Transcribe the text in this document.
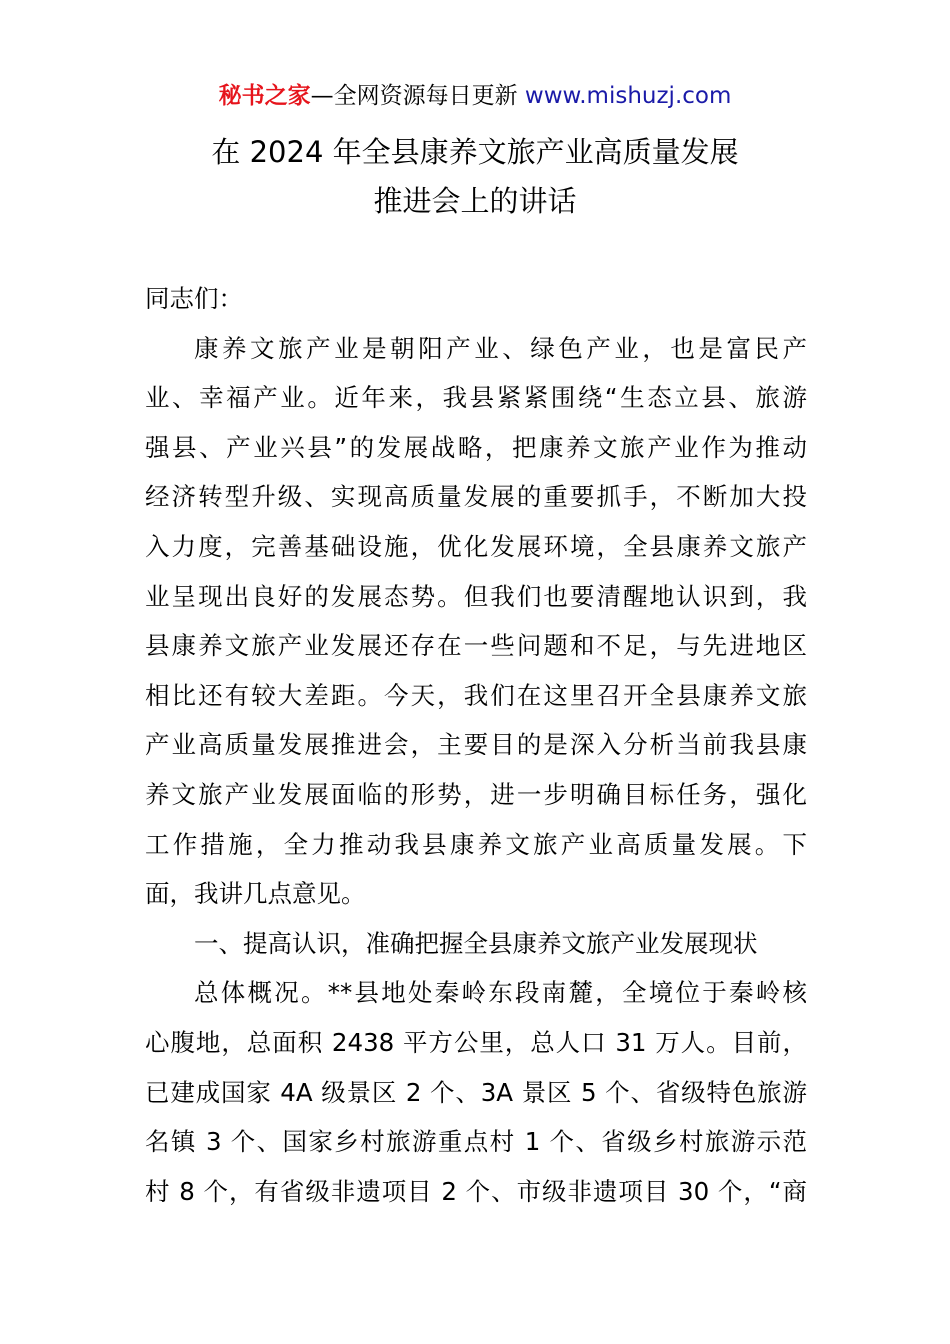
秘书之家—全网资源每日更新 www.mishuzj.com
在 2024 年全县康养文旅产业高质量发展
推进会上的讲话
同志们：
康养文旅产业是朝阳产业、绿色产业，也是富民产
业、幸福产业。近年来，我县紧紧围绕“生态立县、旅游
强县、产业兴县”的发展战略，把康养文旅产业作为推动
经济转型升级、实现高质量发展的重要抓手，不断加大投
入力度，完善基础设施，优化发展环境，全县康养文旅产
业呈现出良好的发展态势。但我们也要清醒地认识到，我
县康养文旅产业发展还存在一些问题和不足，与先进地区
相比还有较大差距。今天，我们在这里召开全县康养文旅
产业高质量发展推进会，主要目的是深入分析当前我县康
养文旅产业发展面临的形势，进一步明确目标任务，强化
工作措施，全力推动我县康养文旅产业高质量发展。下
面，我讲几点意见。
一、提高认识，准确把握全县康养文旅产业发展现状
总体概况。**县地处秦岭东段南麓，全境位于秦岭核
心腹地，总面积 2438 平方公里，总人口 31 万人。目前，
已建成国家 4A 级景区 2 个、3A 景区 5 个、省级特色旅游
名镇 3 个、国家乡村旅游重点村 1 个、省级乡村旅游示范
村 8 个，有省级非遗项目 2 个、市级非遗项目 30 个，“商
